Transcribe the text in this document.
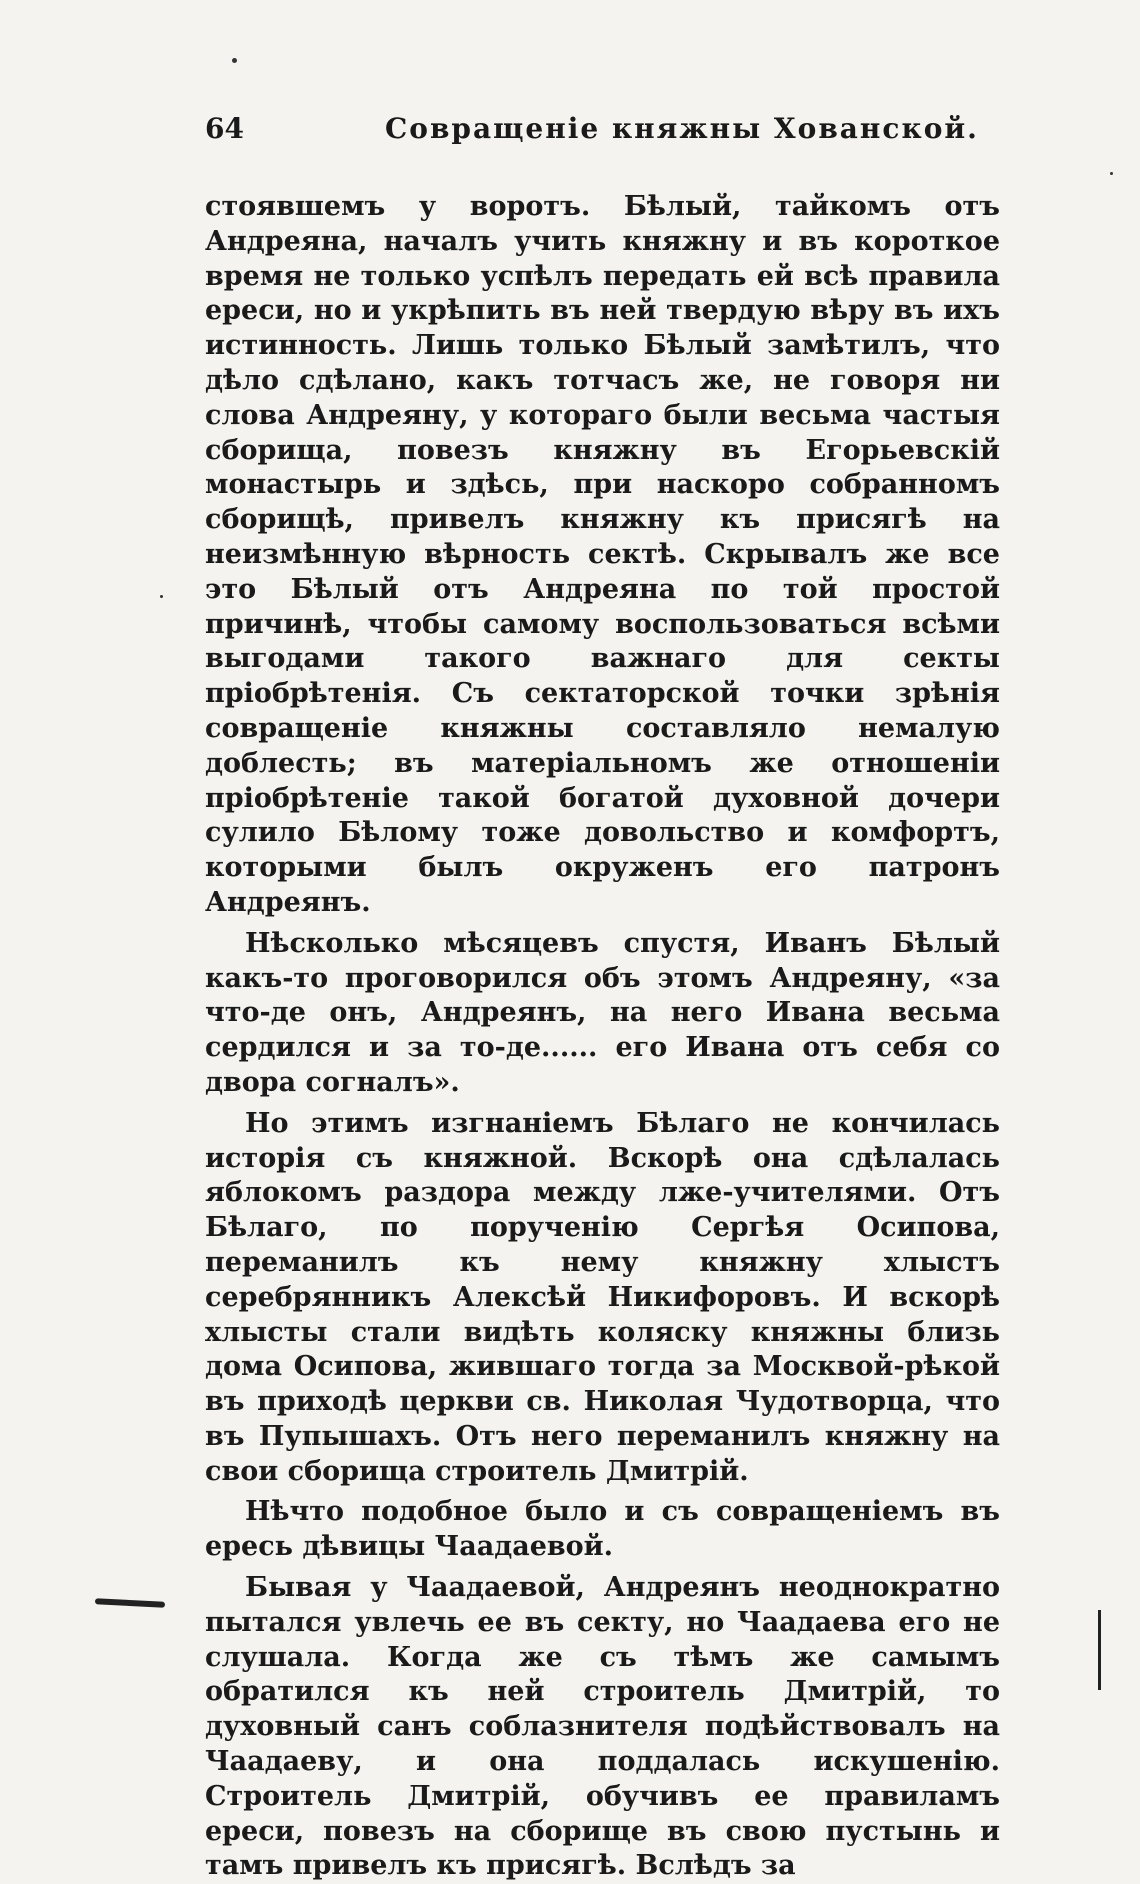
64	Совращеніе княжны Хованской.

стоявшемъ у воротъ. Бѣлый, тайкомъ отъ Андреяна, началъ учить княжну и въ короткое время не только успѣлъ передать ей всѣ правила ереси, но и укрѣпить въ ней твердую вѣру въ ихъ истинность. Лишь только Бѣлый замѣтилъ, что дѣло сдѣлано, какъ тотчасъ же, не говоря ни слова Андреяну, у котораго были весьма частыя сборища, повезъ княжну въ Егорьевскій монастырь и здѣсь, при наскоро собранномъ сборищѣ, привелъ княжну къ присягѣ на неизмѣнную вѣрность сектѣ. Скрывалъ же все это Бѣлый отъ Андреяна по той простой причинѣ, чтобы самому воспользоваться всѣми выгодами такого важнаго для секты пріобрѣтенія. Съ сектаторской точки зрѣнія совращеніе княжны составляло немалую доблесть; въ матеріальномъ же отношеніи пріобрѣтеніе такой богатой духовной дочери сулило Бѣлому тоже довольство и комфортъ, которыми былъ окруженъ его патронъ Андреянъ.

Нѣсколько мѣсяцевъ спустя, Иванъ Бѣлый какъ-то проговорился объ этомъ Андреяну, «за что-де онъ, Андреянъ, на него Ивана весьма сердился и за то-де...... его Ивана отъ себя со двора согналъ».

Но этимъ изгнаніемъ Бѣлаго не кончилась исторія съ княжной. Вскорѣ она сдѣлалась яблокомъ раздора между лже-учителями. Отъ Бѣлаго, по порученію Сергѣя Осипова, переманилъ къ нему княжну хлыстъ серебрянникъ Алексѣй Никифоровъ. И вскорѣ хлысты стали видѣть коляску княжны близь дома Осипова, жившаго тогда за Москвой-рѣкой въ приходѣ церкви св. Николая Чудотворца, что въ Пупышахъ. Отъ него переманилъ княжну на свои сборища строитель Дмитрій.

Нѣчто подобное было и съ совращеніемъ въ ересь дѣвицы Чаадаевой.

Бывая у Чаадаевой, Андреянъ неоднократно пытался увлечь ее въ секту, но Чаадаева его не слушала. Когда же съ тѣмъ же самымъ обратился къ ней строитель Дмитрій, то духовный санъ соблазнителя подѣйствовалъ на Чаадаеву, и она поддалась искушенію. Строитель Дмитрій, обучивъ ее правиламъ ереси, повезъ на сборище въ свою пустынь и тамъ привелъ къ присягѣ. Вслѣдъ за
